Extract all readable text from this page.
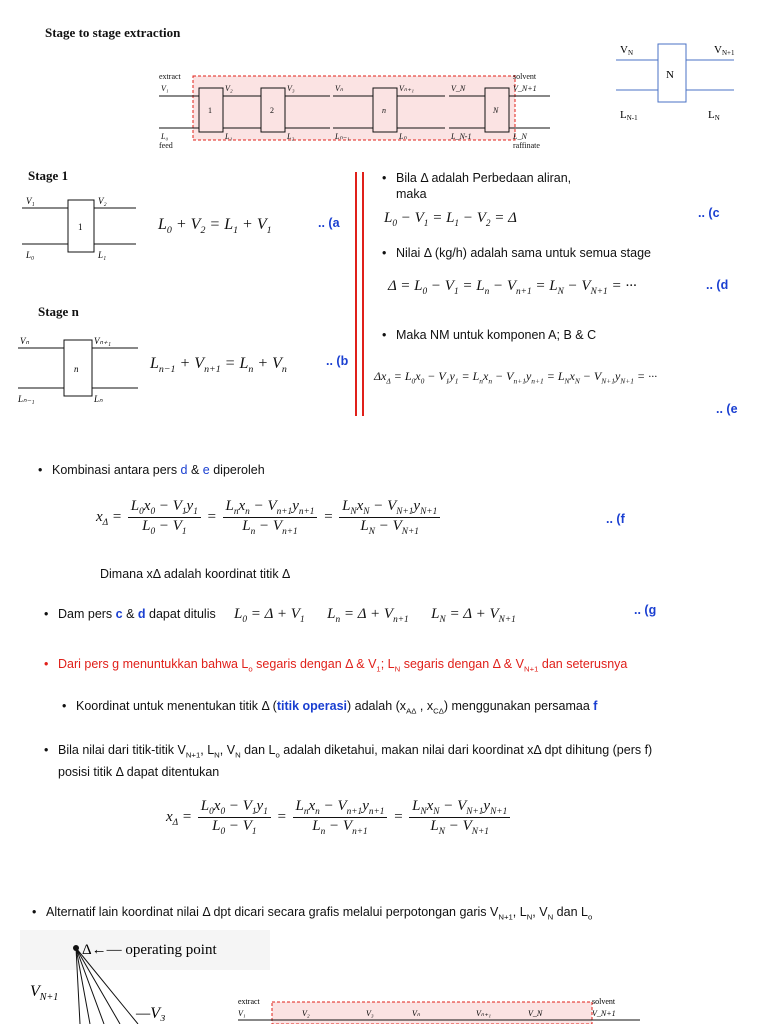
Stage to stage extraction
V₁	V₂	V₃	Vₙ	Vₙ₊₁	V_N	V_N+1
L₀	L₁	L₂	Lₙ₋₁	Lₙ	L_N-1	L_N
extract
feed
solvent
raffinate
1	2	n	N
N
VN	VN+1
LN-1	LN
Stage 1
1
V₁	V₂
L₀	L₁
$L_0 + V_2 = L_1 + V_1$
.. (a
Stage n
n
Vₙ	Vₙ₊₁
Lₙ₋₁	Lₙ
$L_{n-1} + V_{n+1} = L_n + V_n$
.. (b
• Bila Δ adalah Perbedaan aliran,
maka
$L_0 - V_1 = L_1 - V_2 = \Delta$	.. (c
• Nilai Δ (kg/h) adalah sama untuk semua stage
$\Delta = L_0 - V_1 = L_n - V_{n+1} = L_N - V_{N+1}$ = ···	.. (d
• Maka NM untuk komponen A; B & C
$\Delta x_\Delta = L_0x_0 - V_1y_1 = L_nx_n - V_{n+1}y_{n+1} = L_Nx_N - V_{N+1}y_{N+1}$ = ···
.. (e
• Kombinasi antara pers d & e diperoleh
$x_\Delta = \frac{L_0x_0 - V_1y_1}{L_0 - V_1} = \frac{L_nx_n - V_{n+1}y_{n+1}}{L_n - V_{n+1}} = \frac{L_Nx_N - V_{N+1}y_{N+1}}{L_N - V_{N+1}}$	.. (f
Dimana xΔ adalah koordinat titik Δ
• Dam pers c & d dapat ditulis $L_0 = \Delta + V_1$      $L_n = \Delta + V_{n+1}$      $L_N = \Delta + V_{N+1}$
.. (g
• Dari pers g menuntukkan bahwa $L_o$ segaris dengan Δ & $V_1$; $L_N$ segaris dengan Δ & $V_{N+1}$ dan seterusnya
• Koordinat untuk menentukan titik Δ (titik operasi) adalah ($x_{A\Delta}$ , $x_{C\Delta}$) menggunakan persamaa f
• Bila nilai dari titik-titik $V_{N+1}$, $L_N$, $V_N$ dan $L_o$ adalah diketahui, makan nilai dari koordinat xΔ dpt dihitung (pers f)
posisi titik Δ dapat ditentukan
$x_\Delta = \frac{L_0x_0 - V_1y_1}{L_0 - V_1} = \frac{L_nx_n - V_{n+1}y_{n+1}}{L_n - V_{n+1}} = \frac{L_Nx_N - V_{N+1}y_{N+1}}{L_N - V_{N+1}}$
• Alternatif lain koordinat nilai Δ dpt dicari secara grafis melalui perpotongan garis $V_{N+1}$, $L_N$, $V_N$ dan $L_o$
Δ←— operating point
$V_{N+1}$
—V₃
extract	solvent
V₁	V₂	V₃	Vₙ	Vₙ₊₁	V_N	V_N+1
